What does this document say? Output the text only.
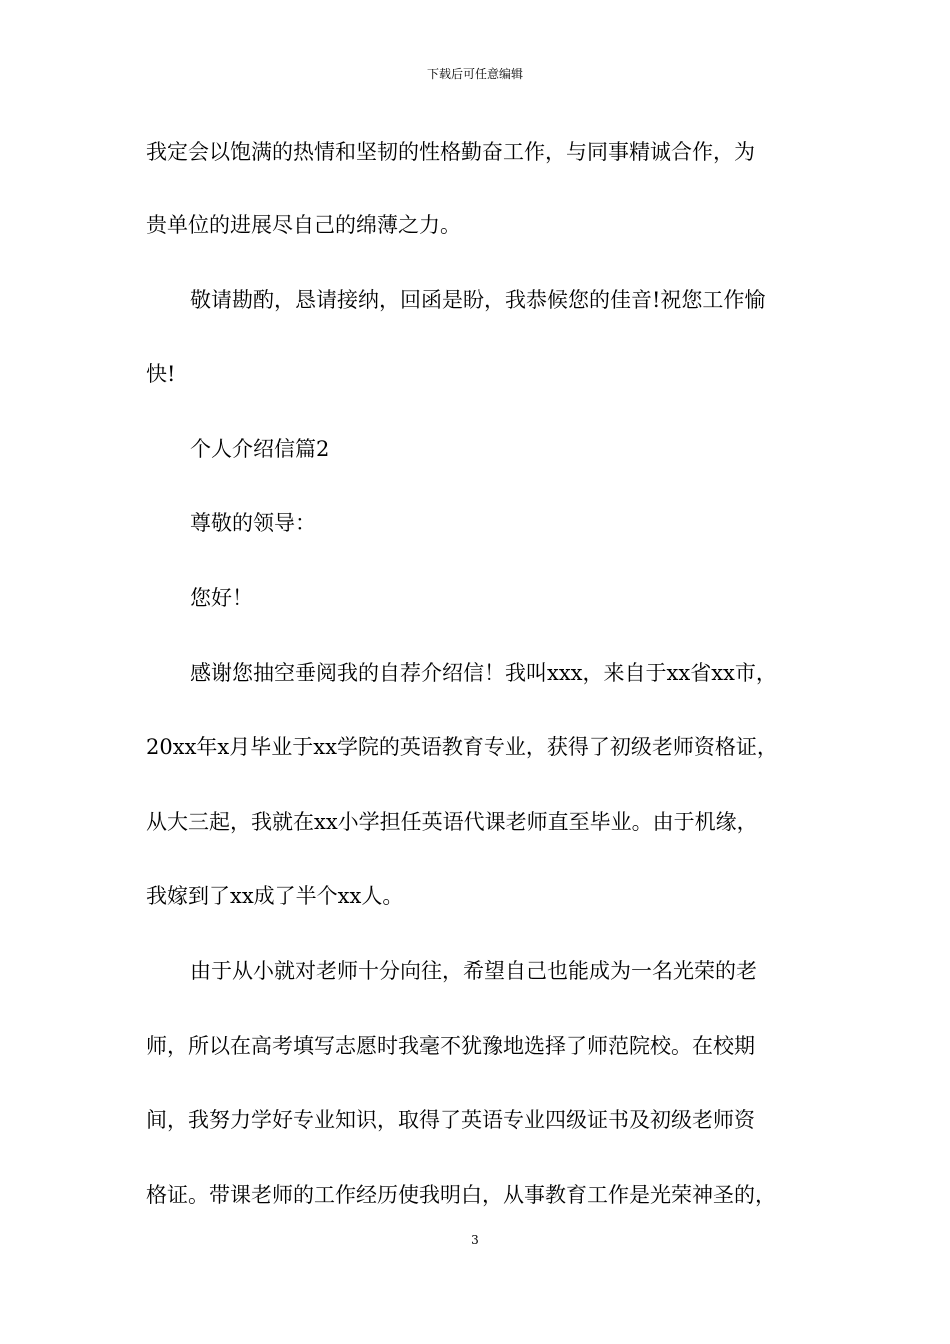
下载后可任意编辑
我定会以饱满的热情和坚韧的性格勤奋工作，与同事精诚合作，为
贵单位的进展尽自己的绵薄之力。
敬请勘酌，恳请接纳，回函是盼，我恭候您的佳音!祝您工作愉
快!
个人介绍信篇2
尊敬的领导：
您好！
感谢您抽空垂阅我的自荐介绍信！我叫xxx，来自于xx省xx市，
20xx年x月毕业于xx学院的英语教育专业，获得了初级老师资格证，
从大三起，我就在xx小学担任英语代课老师直至毕业。由于机缘，
我嫁到了xx成了半个xx人。
由于从小就对老师十分向往，希望自己也能成为一名光荣的老
师，所以在高考填写志愿时我毫不犹豫地选择了师范院校。在校期
间，我努力学好专业知识，取得了英语专业四级证书及初级老师资
格证。带课老师的工作经历使我明白，从事教育工作是光荣神圣的，
3
